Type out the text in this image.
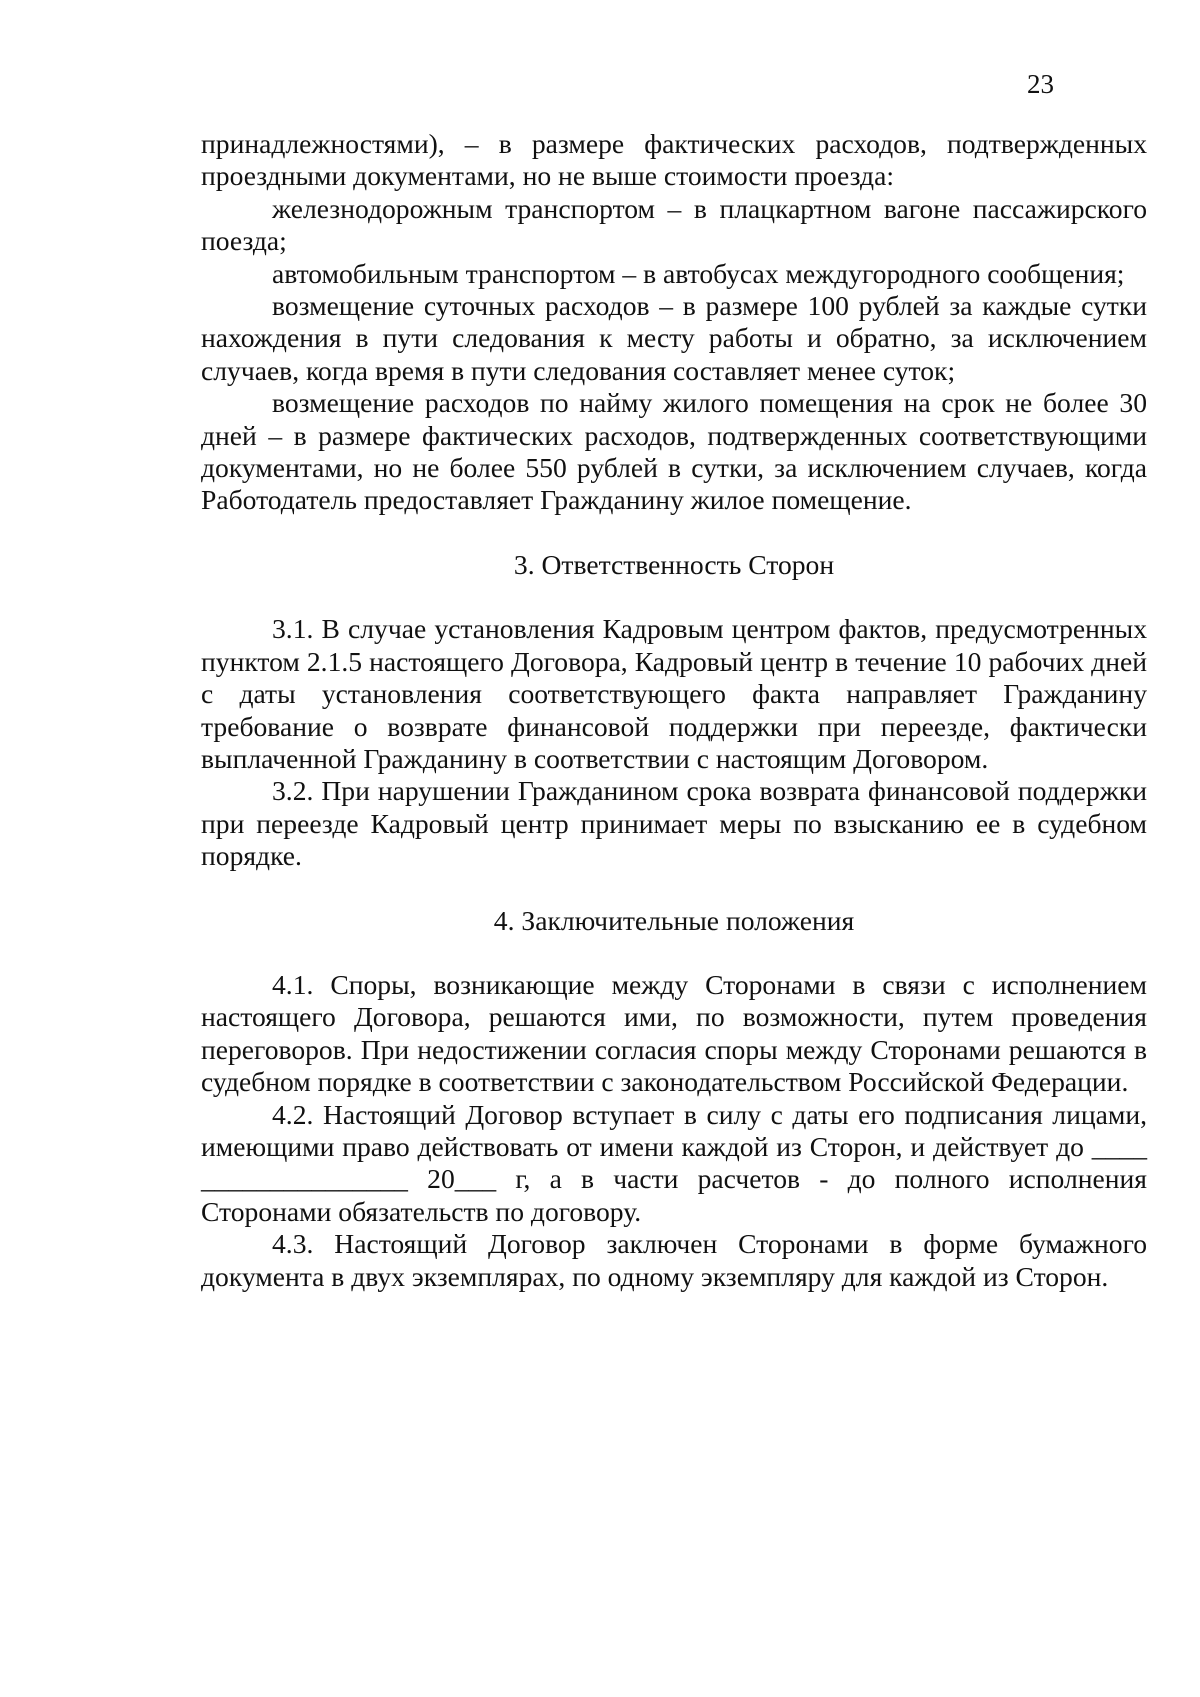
23

принадлежностями), – в размере фактических расходов, подтвержденных проездными документами, но не выше стоимости проезда:

железнодорожным транспортом – в плацкартном вагоне пассажирского поезда;

автомобильным транспортом – в автобусах междугородного сообщения;

возмещение суточных расходов – в размере 100 рублей за каждые сутки нахождения в пути следования к месту работы и обратно, за исключением случаев, когда время в пути следования составляет менее суток;

возмещение расходов по найму жилого помещения на срок не более 30 дней – в размере фактических расходов, подтвержденных соответствующими документами, но не более 550 рублей в сутки, за исключением случаев, когда Работодатель предоставляет Гражданину жилое помещение.

3. Ответственность Сторон

3.1. В случае установления Кадровым центром фактов, предусмотренных пунктом 2.1.5 настоящего Договора, Кадровый центр в течение 10 рабочих дней с даты установления соответствующего факта направляет Гражданину требование о возврате финансовой поддержки при переезде, фактически выплаченной Гражданину в соответствии с настоящим Договором.

3.2. При нарушении Гражданином срока возврата финансовой поддержки при переезде Кадровый центр принимает меры по взысканию ее в судебном порядке.

4. Заключительные положения

4.1. Споры, возникающие между Сторонами в связи с исполнением настоящего Договора, решаются ими, по возможности, путем проведения переговоров. При недостижении согласия споры между Сторонами решаются в судебном порядке в соответствии с законодательством Российской Федерации.

4.2. Настоящий Договор вступает в силу с даты его подписания лицами, имеющими право действовать от имени каждой из Сторон, и действует до ____ _______________ 20___ г, а в части расчетов - до полного исполнения Сторонами обязательств по договору.

4.3. Настоящий Договор заключен Сторонами в форме бумажного документа в двух экземплярах, по одному экземпляру для каждой из Сторон.
